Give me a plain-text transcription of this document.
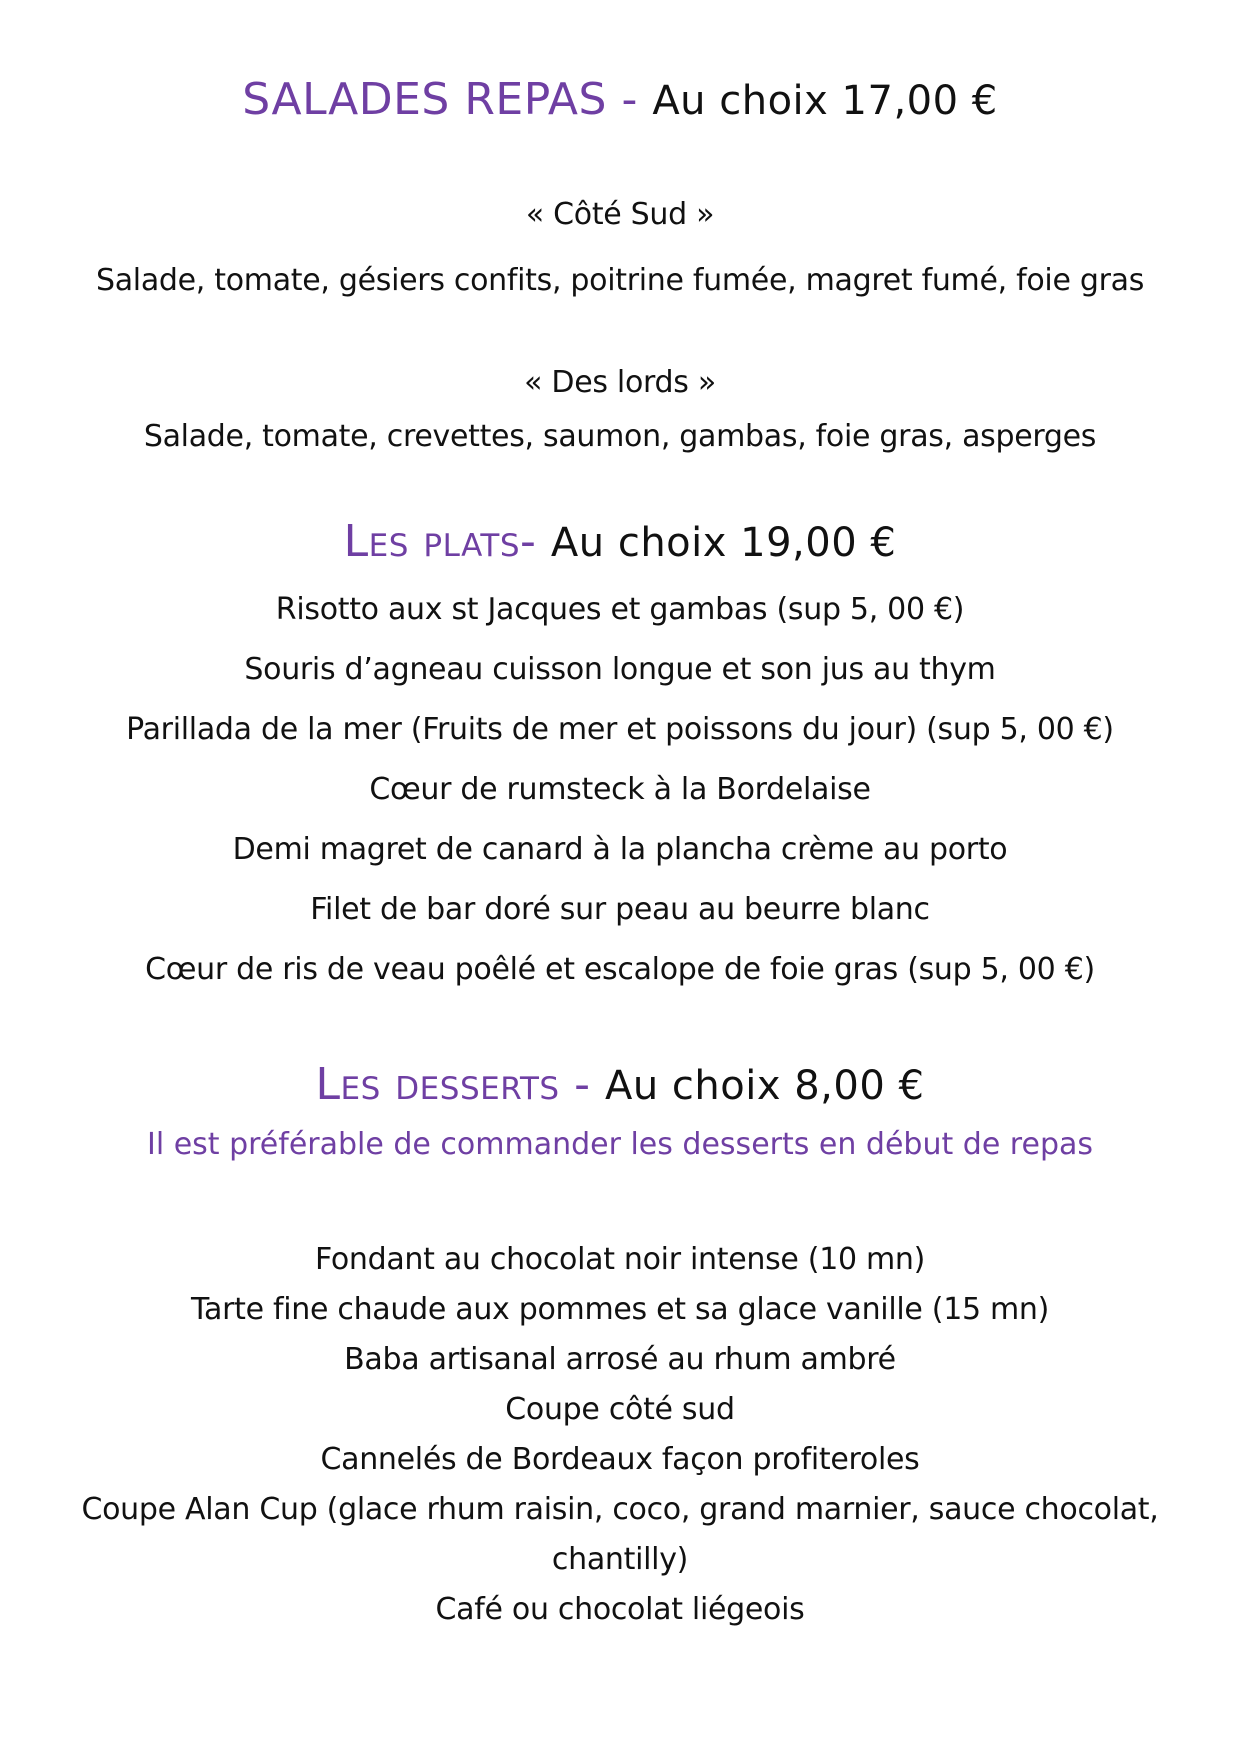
SALADES REPAS - Au choix 17,00 €
« Côté Sud »
Salade, tomate, gésiers confits, poitrine fumée, magret fumé, foie gras
« Des lords »
Salade, tomate, crevettes, saumon, gambas, foie gras, asperges
Les plats- Au choix 19,00 €
Risotto aux st Jacques et gambas (sup 5, 00 €)
Souris d’agneau cuisson longue et son jus au thym
Parillada de la mer (Fruits de mer et poissons du jour) (sup 5, 00 €)
Cœur de rumsteck à la Bordelaise
Demi magret de canard à la plancha crème au porto
Filet de bar doré sur peau au beurre blanc
Cœur de ris de veau poêlé et escalope de foie gras (sup 5, 00 €)
Les desserts - Au choix 8,00 €
Il est préférable de commander les desserts en début de repas
Fondant au chocolat noir intense (10 mn)
Tarte fine chaude aux pommes et sa glace vanille (15 mn)
Baba artisanal arrosé au rhum ambré
Coupe côté sud
Cannelés de Bordeaux façon profiteroles
Coupe Alan Cup (glace rhum raisin, coco, grand marnier, sauce chocolat,
chantilly)
Café ou chocolat liégeois
